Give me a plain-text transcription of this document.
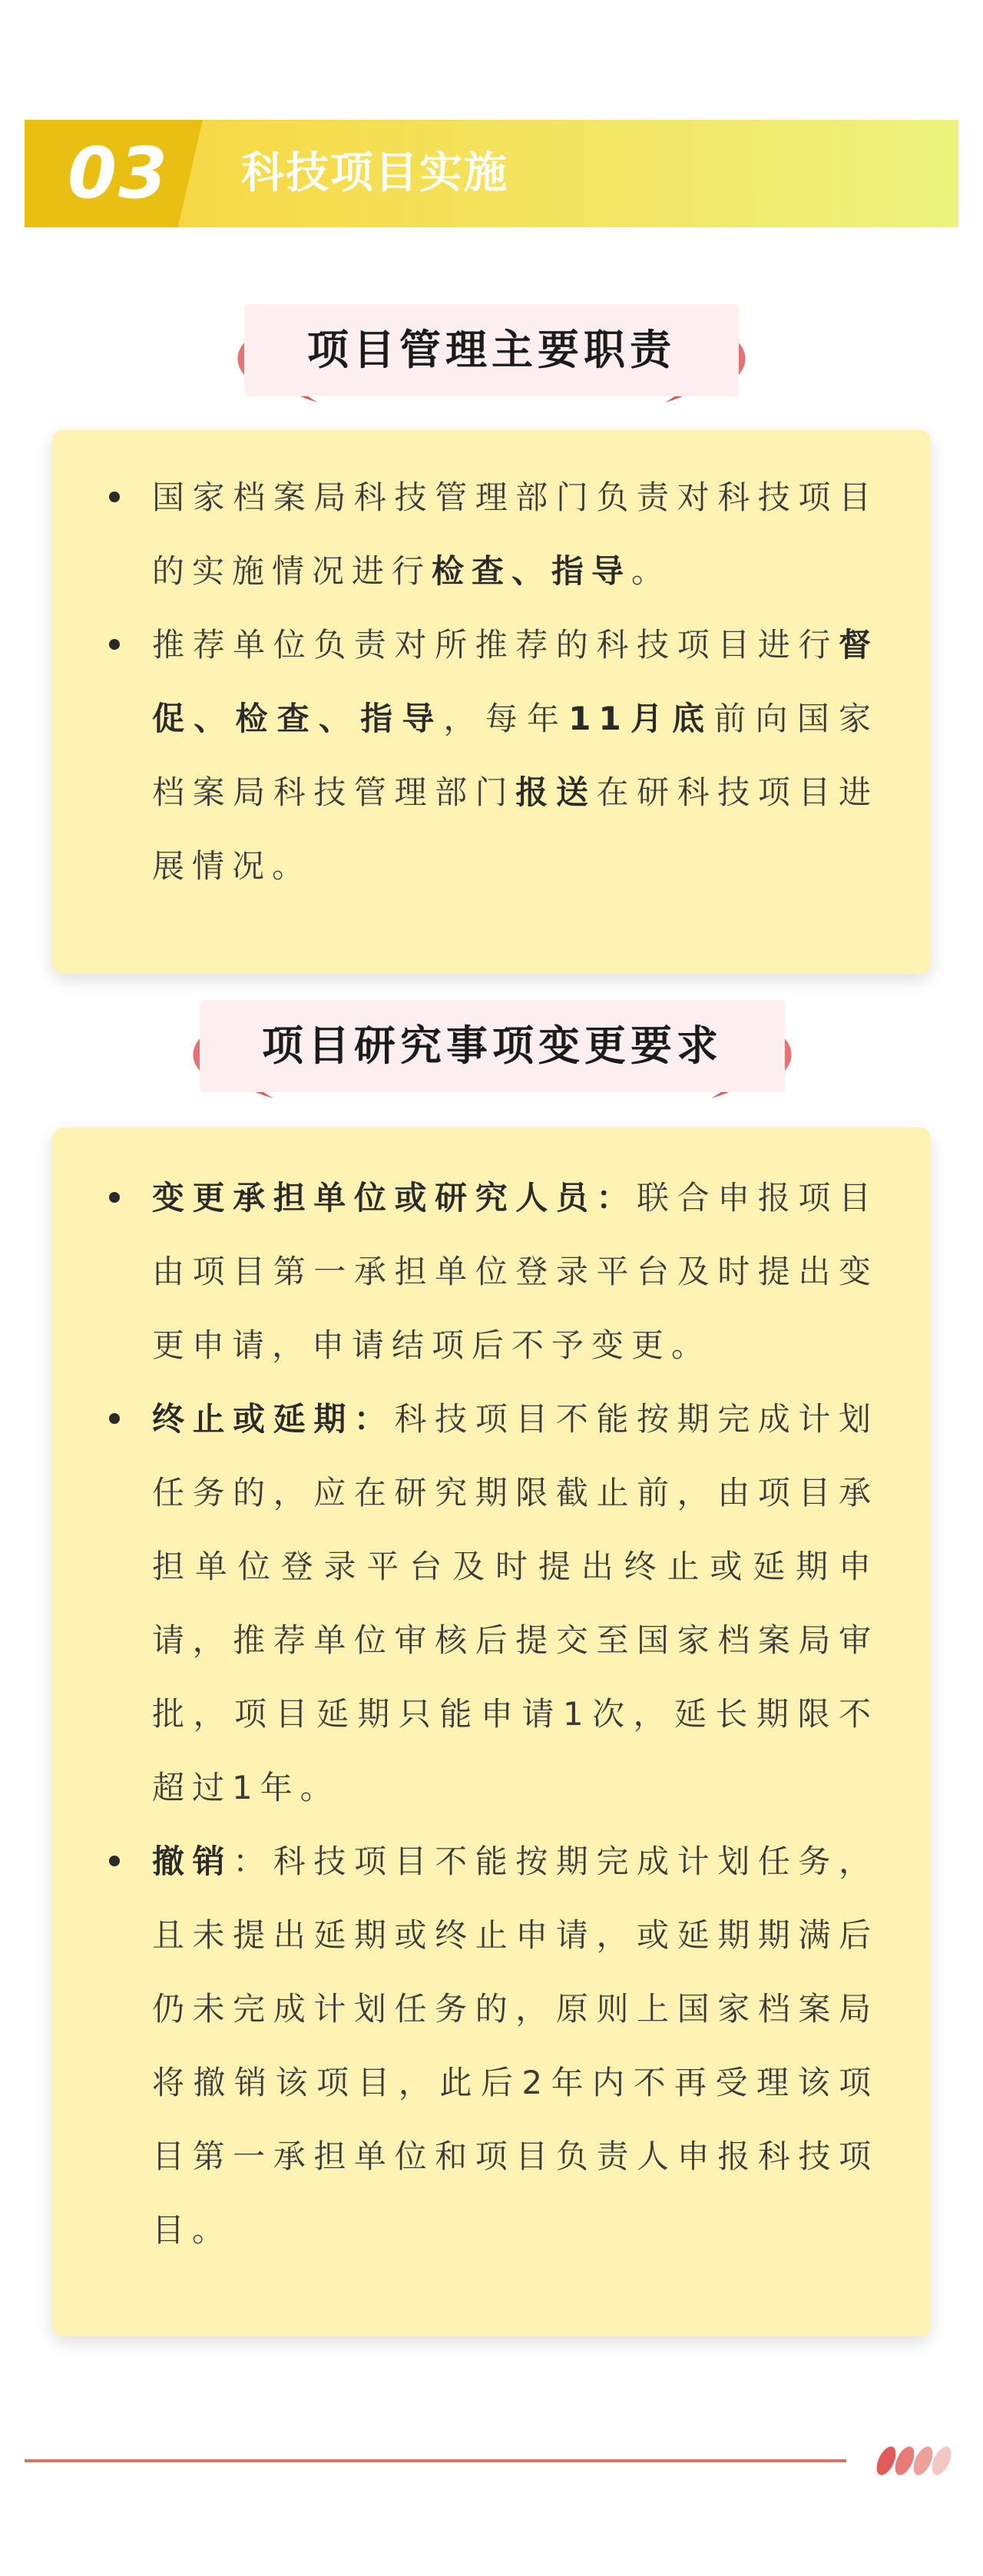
03 科技项目实施
项目管理主要职责
国家档案局科技管理部门负责对科技项目的实施情况进行检查、指导。
推荐单位负责对所推荐的科技项目进行督促、检查、指导，每年11月底前向国家档案局科技管理部门报送在研科技项目进展情况。
项目研究事项变更要求
变更承担单位或研究人员：联合申报项目由项目第一承担单位登录平台及时提出变更申请，申请结项后不予变更。
终止或延期：科技项目不能按期完成计划任务的，应在研究期限截止前，由项目承担单位登录平台及时提出终止或延期申请，推荐单位审核后提交至国家档案局审批，项目延期只能申请1次，延长期限不超过1年。
撤销：科技项目不能按期完成计划任务，且未提出延期或终止申请，或延期期满后仍未完成计划任务的，原则上国家档案局将撤销该项目，此后2年内不再受理该项目第一承担单位和项目负责人申报科技项目。
